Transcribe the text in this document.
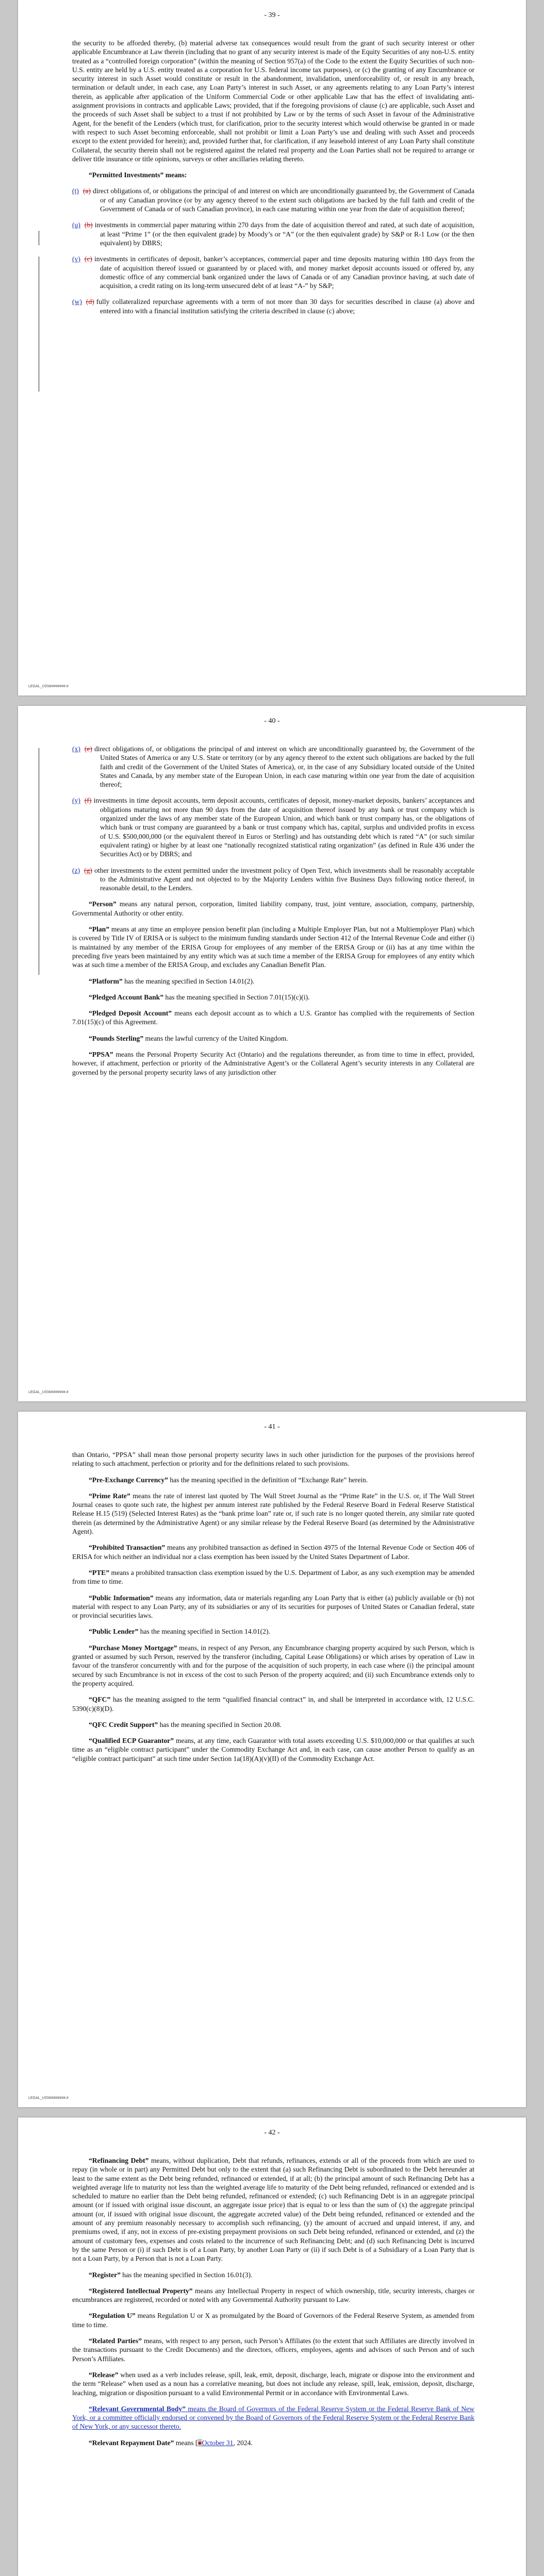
- 39 -

the security to be afforded thereby, (b) material adverse tax consequences would result from the grant of such security interest or other applicable Encumbrance at Law therein (including that no grant of any security interest is made of the Equity Securities of any non-U.S. entity treated as a “controlled foreign corporation” (within the meaning of Section 957(a) of the Code to the extent the Equity Securities of such non-U.S. entity are held by a U.S. entity treated as a corporation for U.S. federal income tax purposes), or (c) the granting of any Encumbrance or security interest in such Asset would constitute or result in the abandonment, invalidation, unenforceability of, or result in any breach, termination or default under, in each case, any Loan Party’s interest in such Asset, or any agreements relating to any Loan Party’s interest therein, as applicable after application of the Uniform Commercial Code or other applicable Law that has the effect of invalidating anti-assignment provisions in contracts and applicable Laws; provided, that if the foregoing provisions of clause (c) are applicable, such Asset and the proceeds of such Asset shall be subject to a trust if not prohibited by Law or by the terms of such Asset in favour of the Administrative Agent, for the benefit of the Lenders (which trust, for clarification, prior to the security interest which would otherwise be granted in or made with respect to such Asset becoming enforceable, shall not prohibit or limit a Loan Party’s use and dealing with such Asset and proceeds except to the extent provided for herein); and, provided further that, for clarification, if any leasehold interest of any Loan Party shall constitute Collateral, the security therein shall not be registered against the related real property and the Loan Parties shall not be required to arrange or deliver title insurance or title opinions, surveys or other ancillaries relating thereto.

“Permitted Investments” means:

(t) (a) direct obligations of, or obligations the principal of and interest on which are unconditionally guaranteed by, the Government of Canada or of any Canadian province (or by any agency thereof to the extent such obligations are backed by the full faith and credit of the Government of Canada or of such Canadian province), in each case maturing within one year from the date of acquisition thereof;

(u) (b) investments in commercial paper maturing within 270 days from the date of acquisition thereof and rated, at such date of acquisition, at least “Prime 1” (or the then equivalent grade) by Moody’s or “A” (or the then equivalent grade) by S&P or R-1 Low (or the then equivalent) by DBRS;

(v) (c) investments in certificates of deposit, banker’s acceptances, commercial paper and time deposits maturing within 180 days from the date of acquisition thereof issued or guaranteed by or placed with, and money market deposit accounts issued or offered by, any domestic office of any commercial bank organized under the laws of Canada or of any Canadian province having, at such date of acquisition, a credit rating on its long-term unsecured debt of at least “A-” by S&P;

(w) (d) fully collateralized repurchase agreements with a term of not more than 30 days for securities described in clause (a) above and entered into with a financial institution satisfying the criteria described in clause (c) above;

LEGAL_US\W#######.#
- 40 -

(x) (e) direct obligations of, or obligations the principal of and interest on which are unconditionally guaranteed by, the Government of the United States of America or any U.S. State or territory (or by any agency thereof to the extent such obligations are backed by the full faith and credit of the Government of the United States of America), or, in the case of any Subsidiary located outside of the United States and Canada, by any member state of the European Union, in each case maturing within one year from the date of acquisition thereof;

(y) (f) investments in time deposit accounts, term deposit accounts, certificates of deposit, money-market deposits, bankers’ acceptances and obligations maturing not more than 90 days from the date of acquisition thereof issued by any bank or trust company which is organized under the laws of any member state of the European Union, and which bank or trust company has, or the obligations of which bank or trust company are guaranteed by a bank or trust company which has, capital, surplus and undivided profits in excess of U.S. $500,000,000 (or the equivalent thereof in Euros or Sterling) and has outstanding debt which is rated “A” (or such similar equivalent rating) or higher by at least one “nationally recognized statistical rating organization” (as defined in Rule 436 under the Securities Act) or by DBRS; and

(z) (g) other investments to the extent permitted under the investment policy of Open Text, which investments shall be reasonably acceptable to the Administrative Agent and not objected to by the Majority Lenders within five Business Days following notice thereof, in reasonable detail, to the Lenders.

“Person” means any natural person, corporation, limited liability company, trust, joint venture, association, company, partnership, Governmental Authority or other entity.

“Plan” means at any time an employee pension benefit plan (including a Multiple Employer Plan, but not a Multiemployer Plan) which is covered by Title IV of ERISA or is subject to the minimum funding standards under Section 412 of the Internal Revenue Code and either (i) is maintained by any member of the ERISA Group for employees of any member of the ERISA Group or (ii) has at any time within the preceding five years been maintained by any entity which was at such time a member of the ERISA Group for employees of any entity which was at such time a member of the ERISA Group, and excludes any Canadian Benefit Plan.

“Platform” has the meaning specified in Section 14.01(2).

“Pledged Account Bank” has the meaning specified in Section 7.01(15)(c)(i).

“Pledged Deposit Account” means each deposit account as to which a U.S. Grantor has complied with the requirements of Section 7.01(15)(c) of this Agreement.

“Pounds Sterling” means the lawful currency of the United Kingdom.

“PPSA” means the Personal Property Security Act (Ontario) and the regulations thereunder, as from time to time in effect, provided, however, if attachment, perfection or priority of the Administrative Agent’s or the Collateral Agent’s security interests in any Collateral are governed by the personal property security laws of any jurisdiction other

LEGAL_US\W#######.#
- 41 -

than Ontario, “PPSA” shall mean those personal property security laws in such other jurisdiction for the purposes of the provisions hereof relating to such attachment, perfection or priority and for the definitions related to such provisions.

“Pre-Exchange Currency” has the meaning specified in the definition of “Exchange Rate” herein.

“Prime Rate” means the rate of interest last quoted by The Wall Street Journal as the “Prime Rate” in the U.S. or, if The Wall Street Journal ceases to quote such rate, the highest per annum interest rate published by the Federal Reserve Board in Federal Reserve Statistical Release H.15 (519) (Selected Interest Rates) as the “bank prime loan” rate or, if such rate is no longer quoted therein, any similar rate quoted therein (as determined by the Administrative Agent) or any similar release by the Federal Reserve Board (as determined by the Administrative Agent).

“Prohibited Transaction” means any prohibited transaction as defined in Section 4975 of the Internal Revenue Code or Section 406 of ERISA for which neither an individual nor a class exemption has been issued by the United States Department of Labor.

“PTE” means a prohibited transaction class exemption issued by the U.S. Department of Labor, as any such exemption may be amended from time to time.

“Public Information” means any information, data or materials regarding any Loan Party that is either (a) publicly available or (b) not material with respect to any Loan Party, any of its subsidiaries or any of its securities for purposes of United States or Canadian federal, state or provincial securities laws.

“Public Lender” has the meaning specified in Section 14.01(2).

“Purchase Money Mortgage” means, in respect of any Person, any Encumbrance charging property acquired by such Person, which is granted or assumed by such Person, reserved by the transferor (including, Capital Lease Obligations) or which arises by operation of Law in favour of the transferor concurrently with and for the purpose of the acquisition of such property, in each case where (i) the principal amount secured by such Encumbrance is not in excess of the cost to such Person of the property acquired; and (ii) such Encumbrance extends only to the property acquired.

“QFC” has the meaning assigned to the term “qualified financial contract” in, and shall be interpreted in accordance with, 12 U.S.C. 5390(c)(8)(D).

“QFC Credit Support” has the meaning specified in Section 20.08.

“Qualified ECP Guarantor” means, at any time, each Guarantor with total assets exceeding U.S. $10,000,000 or that qualifies at such time as an “eligible contract participant” under the Commodity Exchange Act and, in each case, can cause another Person to qualify as an “eligible contract participant” at such time under Section 1a(18)(A)(v)(II) of the Commodity Exchange Act.

LEGAL_US\W#######.#
- 42 -

“Refinancing Debt” means, without duplication, Debt that refunds, refinances, extends or all of the proceeds from which are used to repay (in whole or in part) any Permitted Debt but only to the extent that (a) such Refinancing Debt is subordinated to the Debt hereunder at least to the same extent as the Debt being refunded, refinanced or extended, if at all; (b) the principal amount of such Refinancing Debt has a weighted average life to maturity not less than the weighted average life to maturity of the Debt being refunded, refinanced or extended and is scheduled to mature no earlier than the Debt being refunded, refinanced or extended; (c) such Refinancing Debt is in an aggregate principal amount (or if issued with original issue discount, an aggregate issue price) that is equal to or less than the sum of (x) the aggregate principal amount (or, if issued with original issue discount, the aggregate accreted value) of the Debt being refunded, refinanced or extended and the amount of any premium reasonably necessary to accomplish such refinancing, (y) the amount of accrued and unpaid interest, if any, and premiums owed, if any, not in excess of pre-existing prepayment provisions on such Debt being refunded, refinanced or extended, and (z) the amount of customary fees, expenses and costs related to the incurrence of such Refinancing Debt; and (d) such Refinancing Debt is incurred by the same Person or (i) if such Debt is of a Loan Party, by another Loan Party or (ii) if such Debt is of a Subsidiary of a Loan Party that is not a Loan Party, by a Person that is not a Loan Party.

“Register” has the meaning specified in Section 16.01(3).

“Registered Intellectual Property” means any Intellectual Property in respect of which ownership, title, security interests, charges or encumbrances are registered, recorded or noted with any Governmental Authority pursuant to Law.

“Regulation U” means Regulation U or X as promulgated by the Board of Governors of the Federal Reserve System, as amended from time to time.

“Related Parties” means, with respect to any person, such Person’s Affiliates (to the extent that such Affiliates are directly involved in the transactions pursuant to the Credit Documents) and the directors, officers, employees, agents and advisors of such Person and of such Person’s Affiliates.

“Release” when used as a verb includes release, spill, leak, emit, deposit, discharge, leach, migrate or dispose into the environment and the term “Release” when used as a noun has a correlative meaning, but does not include any release, spill, leak, emission, deposit, discharge, leaching, migration or disposition pursuant to a valid Environmental Permit or in accordance with Environmental Laws.

“Relevant Governmental Body” means the Board of Governors of the Federal Reserve System or the Federal Reserve Bank of New York, or a committee officially endorsed or convened by the Board of Governors of the Federal Reserve System or the Federal Reserve Bank of New York, or any successor thereto.

“Relevant Repayment Date” means [●October 31, 2024.
